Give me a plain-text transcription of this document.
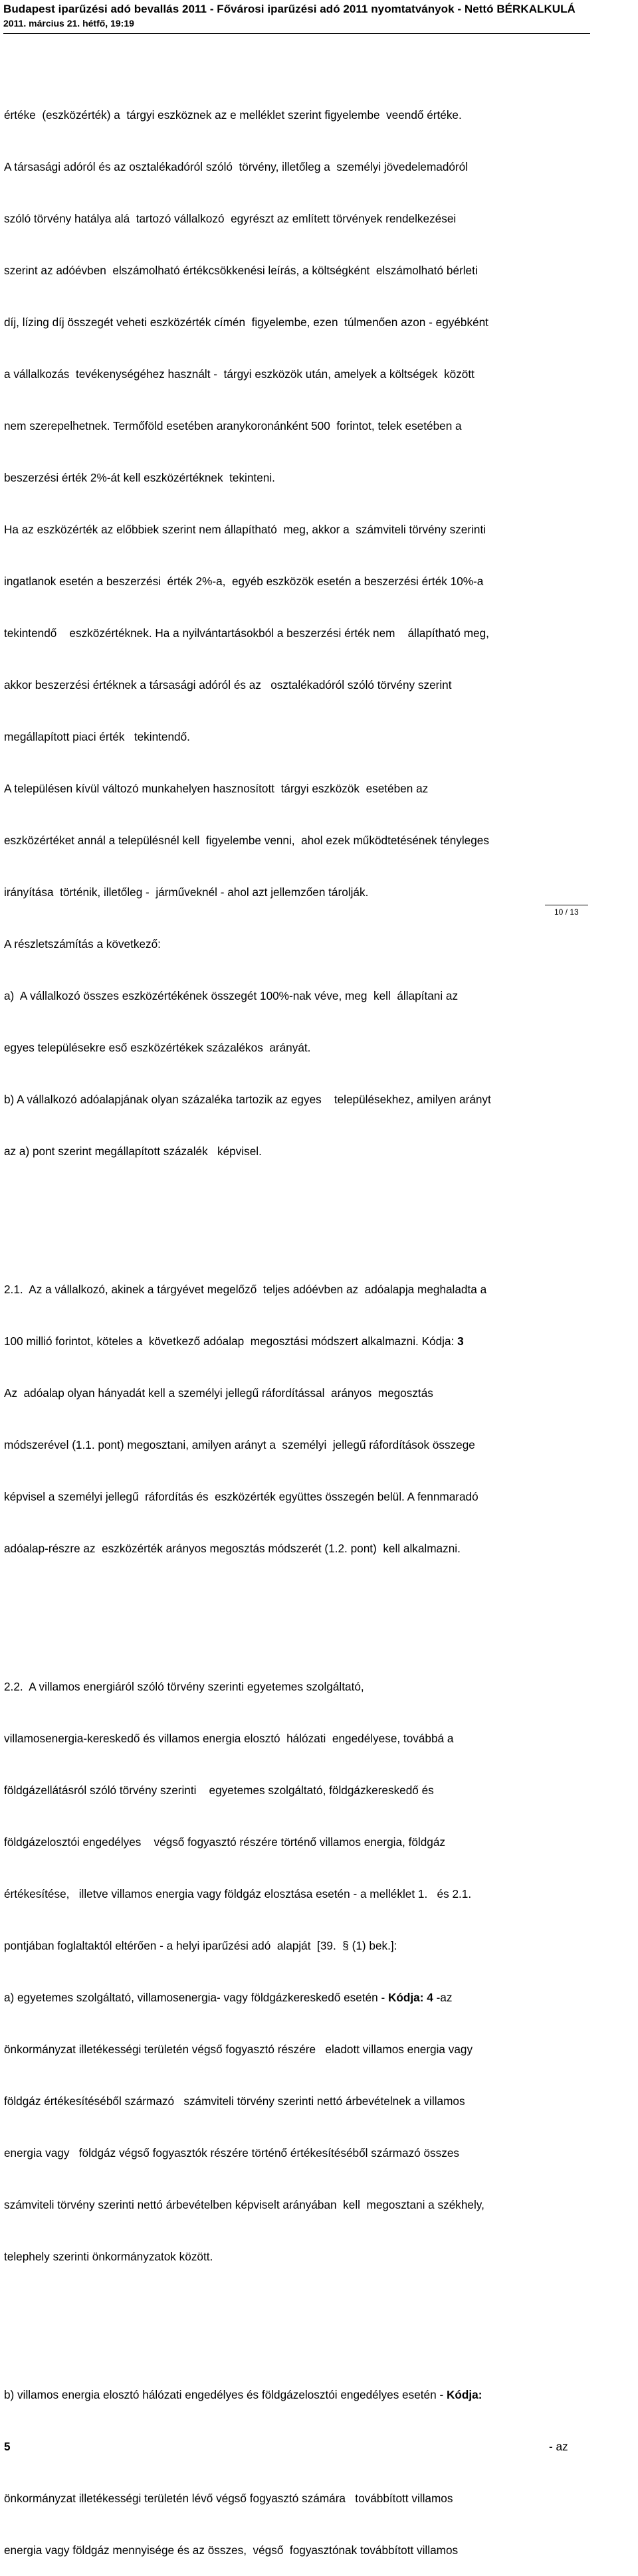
Budapest iparűzési adó bevallás 2011 - Fővárosi iparűzési adó 2011 nyomtatványok - Nettó BÉRKALKULÁ
2011. március 21. hétfő, 19:19

értéke  (eszközérték) a  tárgyi eszköznek az e melléklet szerint figyelembe  veendő értéke.

A társasági adóról és az osztalékadóról szóló  törvény, illetőleg a  személyi jövedelemadóról

szóló törvény hatálya alá  tartozó vállalkozó  egyrészt az említett törvények rendelkezései

szerint az adóévben  elszámolható értékcsökkenési leírás, a költségként  elszámolható bérleti

díj, lízing díj összegét veheti eszközérték címén  figyelembe, ezen  túlmenően azon - egyébként

a vállalkozás  tevékenységéhez használt -  tárgyi eszközök után, amelyek a költségek  között

nem szerepelhetnek. Termőföld esetében aranykoronánként 500  forintot, telek esetében a

beszerzési érték 2%-át kell eszközértéknek  tekinteni.

Ha az eszközérték az előbbiek szerint nem állapítható  meg, akkor a  számviteli törvény szerinti

ingatlanok esetén a beszerzési  érték 2%-a,  egyéb eszközök esetén a beszerzési érték 10%-a

tekintendő    eszközértéknek. Ha a nyilvántartásokból a beszerzési érték nem    állapítható meg,

akkor beszerzési értéknek a társasági adóról és az   osztalékadóról szóló törvény szerint

megállapított piaci érték   tekintendő.

A településen kívül változó munkahelyen hasznosított  tárgyi eszközök  esetében az

eszközértéket annál a településnél kell  figyelembe venni,  ahol ezek működtetésének tényleges

irányítása  történik, illetőleg -  járműveknél - ahol azt jellemzően tárolják.

A részletszámítás a következő:

a)  A vállalkozó összes eszközértékének összegét 100%-nak véve, meg  kell  állapítani az

egyes településekre eső eszközértékek százalékos  arányát.

b) A vállalkozó adóalapjának olyan százaléka tartozik az egyes    településekhez, amilyen arányt

az a) pont szerint megállapított százalék   képvisel.

2.1.  Az a vállalkozó, akinek a tárgyévet megelőző  teljes adóévben az  adóalapja meghaladta a

100 millió forintot, köteles a  következő adóalap  megosztási módszert alkalmazni. Kódja: 3

Az  adóalap olyan hányadát kell a személyi jellegű ráfordítással  arányos  megosztás

módszerével (1.1. pont) megosztani, amilyen arányt a  személyi  jellegű ráfordítások összege

képvisel a személyi jellegű  ráfordítás és  eszközérték együttes összegén belül. A fennmaradó

adóalap-részre az  eszközérték arányos megosztás módszerét (1.2. pont)  kell alkalmazni.

2.2.  A villamos energiáról szóló törvény szerinti egyetemes szolgáltató,

villamosenergia-kereskedő és villamos energia elosztó  hálózati  engedélyese, továbbá a

földgázellátásról szóló törvény szerinti    egyetemes szolgáltató, földgázkereskedő és

földgázelosztói engedélyes    végső fogyasztó részére történő villamos energia, földgáz

értékesítése,   illetve villamos energia vagy földgáz elosztása esetén - a melléklet 1.   és 2.1.

pontjában foglaltaktól eltérően - a helyi iparűzési adó  alapját  [39.  § (1) bek.]:

a) egyetemes szolgáltató, villamosenergia- vagy földgázkereskedő esetén - Kódja: 4 -az

önkormányzat illetékességi területén végső fogyasztó részére   eladott villamos energia vagy

földgáz értékesítéséből származó   számviteli törvény szerinti nettó árbevételnek a villamos

energia vagy   földgáz végső fogyasztók részére történő értékesítéséből származó összes

számviteli törvény szerinti nettó árbevételben képviselt arányában  kell  megosztani a székhely,

telephely szerinti önkormányzatok között.

b) villamos energia elosztó hálózati engedélyes és földgázelosztói engedélyes esetén - Kódja:

5	- az

önkormányzat illetékességi területén lévő végső fogyasztó számára   továbbított villamos

energia vagy földgáz mennyisége és az összes,  végső  fogyasztónak továbbított villamos

10 / 13
